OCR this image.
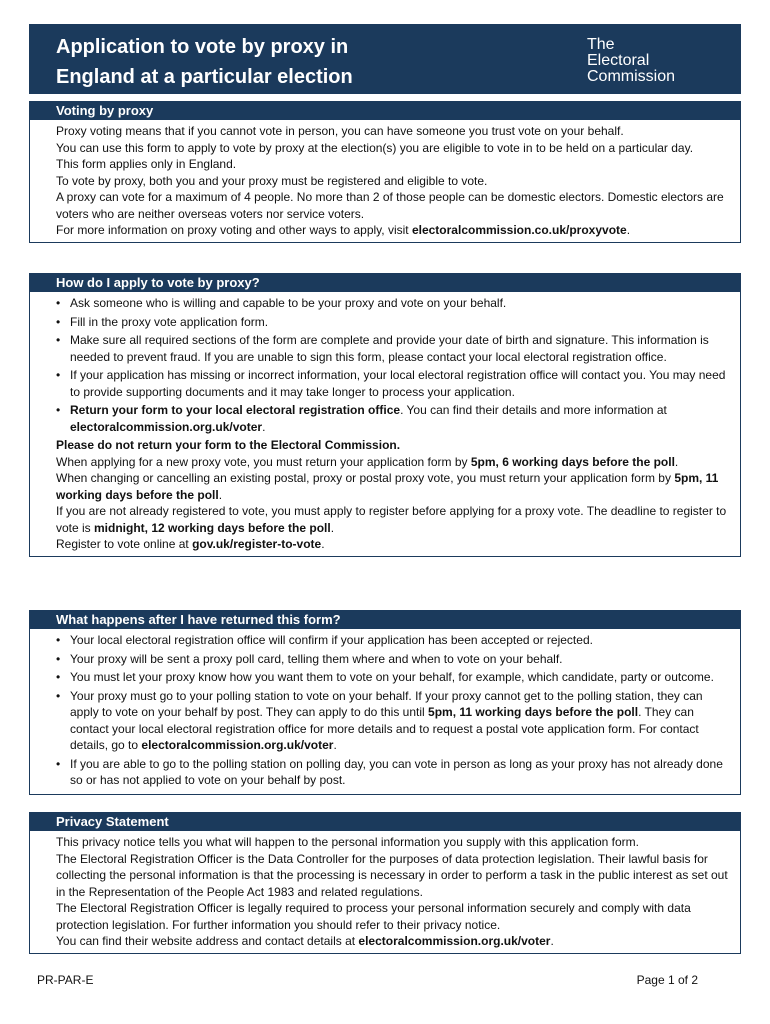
Application to vote by proxy in
England at a particular election
The
Electoral
Commission
Voting by proxy

Proxy voting means that if you cannot vote in person, you can have someone you trust vote on your behalf.

You can use this form to apply to vote by proxy at the election(s) you are eligible to vote in to be held on a particular day.

This form applies only in England.

To vote by proxy, both you and your proxy must be registered and eligible to vote.

A proxy can vote for a maximum of 4 people. No more than 2 of those people can be domestic electors. Domestic electors are voters who are neither overseas voters nor service voters.

For more information on proxy voting and other ways to apply, visit electoralcommission.co.uk/proxyvote.

How do I apply to vote by proxy?
• Ask someone who is willing and capable to be your proxy and vote on your behalf.
• Fill in the proxy vote application form.
• Make sure all required sections of the form are complete and provide your date of birth and signature. This information is needed to prevent fraud. If you are unable to sign this form, please contact your local electoral registration office.
• If your application has missing or incorrect information, your local electoral registration office will contact you. You may need to provide supporting documents and it may take longer to process your application.
• Return your form to your local electoral registration office. You can find their details and more information at electoralcommission.org.uk/voter.

Please do not return your form to the Electoral Commission.

When applying for a new proxy vote, you must return your application form by 5pm, 6 working days before the poll.

When changing or cancelling an existing postal, proxy or postal proxy vote, you must return your application form by 5pm, 11 working days before the poll.

If you are not already registered to vote, you must apply to register before applying for a proxy vote. The deadline to register to vote is midnight, 12 working days before the poll.

Register to vote online at gov.uk/register-to-vote.

What happens after I have returned this form?
• Your local electoral registration office will confirm if your application has been accepted or rejected.
• Your proxy will be sent a proxy poll card, telling them where and when to vote on your behalf.
• You must let your proxy know how you want them to vote on your behalf, for example, which candidate, party or outcome.
• Your proxy must go to your polling station to vote on your behalf. If your proxy cannot get to the polling station, they can apply to vote on your behalf by post. They can apply to do this until 5pm, 11 working days before the poll. They can contact your local electoral registration office for more details and to request a postal vote application form. For contact details, go to electoralcommission.org.uk/voter.
• If you are able to go to the polling station on polling day, you can vote in person as long as your proxy has not already done so or has not applied to vote on your behalf by post.
Privacy Statement

This privacy notice tells you what will happen to the personal information you supply with this application form.

The Electoral Registration Officer is the Data Controller for the purposes of data protection legislation. Their lawful basis for collecting the personal information is that the processing is necessary in order to perform a task in the public interest as set out in the Representation of the People Act 1983 and related regulations.

The Electoral Registration Officer is legally required to process your personal information securely and comply with data protection legislation. For further information you should refer to their privacy notice.

You can find their website address and contact details at electoralcommission.org.uk/voter.

PR-PAR-E	Page 1 of 2
